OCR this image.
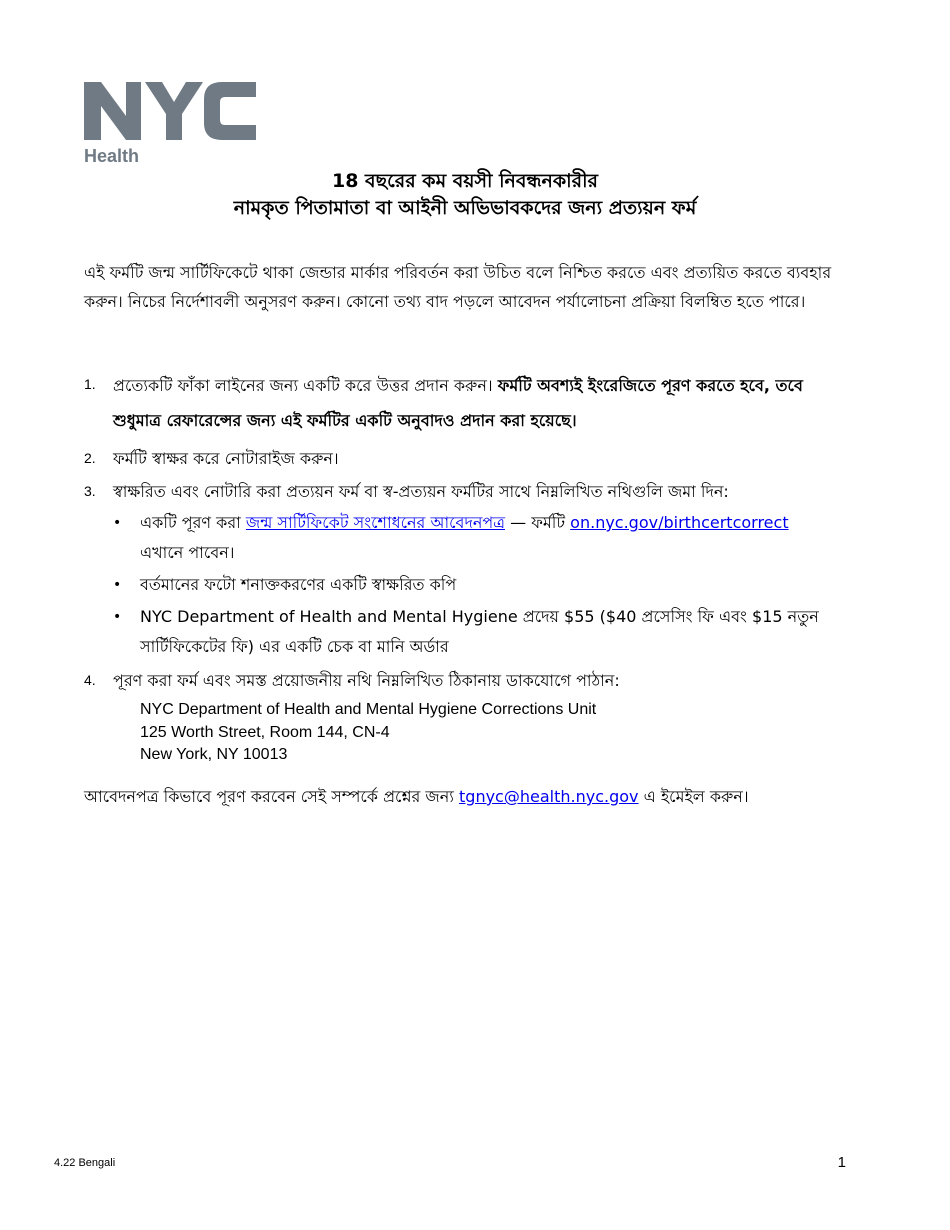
™
Health
18 বছরের কম বয়সী নিবন্ধনকারীর
নামকৃত পিতামাতা বা আইনী অভিভাবকদের জন্য প্রত্যয়ন ফর্ম
এই ফর্মটি জন্ম সার্টিফিকেটে থাকা জেন্ডার মার্কার পরিবর্তন করা উচিত বলে নিশ্চিত করতে এবং প্রত্যয়িত করতে ব্যবহার করুন। নিচের নির্দেশাবলী অনুসরণ করুন। কোনো তথ্য বাদ পড়লে আবেদন পর্যালোচনা প্রক্রিয়া বিলম্বিত হতে পারে।
1. প্রত্যেকটি ফাঁকা লাইনের জন্য একটি করে উত্তর প্রদান করুন। ফর্মটি অবশ্যই ইংরেজিতে পূরণ করতে হবে, তবে শুধুমাত্র রেফারেন্সের জন্য এই ফর্মটির একটি অনুবাদও প্রদান করা হয়েছে।
2. ফর্মটি স্বাক্ষর করে নোটারাইজ করুন।
3. স্বাক্ষরিত এবং নোটারি করা প্রত্যয়ন ফর্ম বা স্ব-প্রত্যয়ন ফর্মটির সাথে নিম্নলিখিত নথিগুলি জমা দিন:
• একটি পূরণ করা জন্ম সার্টিফিকেট সংশোধনের আবেদনপত্র — ফর্মটি on.nyc.gov/birthcertcorrect
এখানে পাবেন।
• বর্তমানের ফটো শনাক্তকরণের একটি স্বাক্ষরিত কপি
• NYC Department of Health and Mental Hygiene প্রদেয় $55 ($40 প্রসেসিং ফি এবং $15 নতুন সার্টিফিকেটের ফি) এর একটি চেক বা মানি অর্ডার
4. পূরণ করা ফর্ম এবং সমস্ত প্রয়োজনীয় নথি নিম্নলিখিত ঠিকানায় ডাকযোগে পাঠান:
NYC Department of Health and Mental Hygiene Corrections Unit
125 Worth Street, Room 144, CN-4
New York, NY 10013
আবেদনপত্র কিভাবে পূরণ করবেন সেই সম্পর্কে প্রশ্নের জন্য tgnyc@health.nyc.gov এ ইমেইল করুন।
4.22 Bengali	1
